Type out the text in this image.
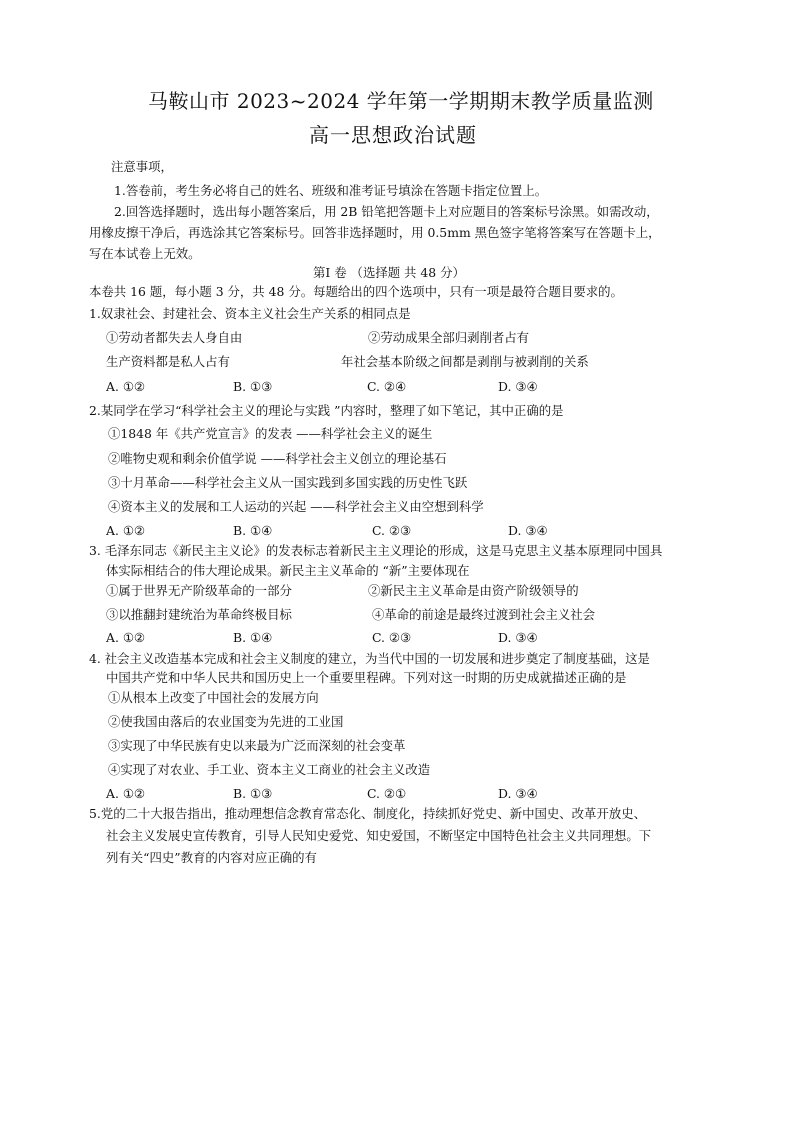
马鞍山市 2023~2024 学年第一学期期末教学质量监测
高一思想政治试题
注意事项，
1.答卷前，考生务必将自己的姓名、班级和准考证号填涂在答题卡指定位置上。
2.回答选择题时，选出每小题答案后，用 2B 铅笔把答题卡上对应题目的答案标号涂黑。如需改动，
用橡皮擦干净后，再选涂其它答案标号。回答非选择题时，用 0.5mm 黑色签字笔将答案写在答题卡上，
写在本试卷上无效。
第Ⅰ 卷 （选择题 共 48 分）
本卷共 16 题，每小题 3 分，共 48 分。每题给出的四个选项中，只有一项是最符合题目要求的。
1.奴隶社会、封建社会、资本主义社会生产关系的相同点是
①劳动者都失去人身自由	②劳动成果全部归剥削者占有
生产资料都是私人占有	年社会基本阶级之间都是剥削与被剥削的关系
A. ①②	B. ①③	C. ②④	D. ③④
2.某同学在学习“科学社会主义的理论与实践 ”内容时，整理了如下笔记，其中正确的是
①1848 年《共产党宣言》的发表 ——科学社会主义的诞生
②唯物史观和剩余价值学说 ——科学社会主义创立的理论基石
③十月革命——科学社会主义从一国实践到多国实践的历史性飞跃
④资本主义的发展和工人运动的兴起 ——科学社会主义由空想到科学
A. ①②	B. ①④	C. ②③	D. ③④
3. 毛泽东同志《新民主主义论》的发表标志着新民主主义理论的形成，这是马克思主义基本原理同中国具
体实际相结合的伟大理论成果。新民主主义革命的 “新”主要体现在
①属于世界无产阶级革命的一部分	②新民主主义革命是由资产阶级领导的
③以推翻封建统治为革命终极目标	④革命的前途是最终过渡到社会主义社会
A. ①②	B. ①④	C. ②③	D. ③④
4. 社会主义改造基本完成和社会主义制度的建立，为当代中国的一切发展和进步奠定了制度基础，这是
中国共产党和中华人民共和国历史上一个重要里程碑。下列对这一时期的历史成就描述正确的是
①从根本上改变了中国社会的发展方向
②使我国由落后的农业国变为先进的工业国
③实现了中华民族有史以来最为广泛而深刻的社会变革
④实现了对农业、手工业、资本主义工商业的社会主义改造
A. ①②	B. ①③	C. ②①	D. ③④
5.党的二十大报告指出，推动理想信念教育常态化、制度化，持续抓好党史、新中国史、改革开放史、
社会主义发展史宣传教育，引导人民知史爱党、知史爱国，不断坚定中国特色社会主义共同理想。下
列有关“四史”教育的内容对应正确的有
